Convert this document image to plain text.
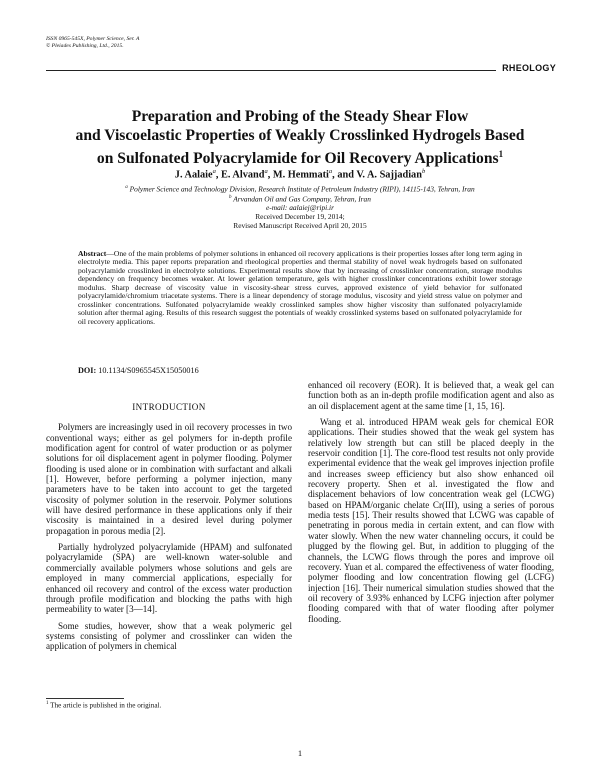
ISSN 0965-545X, Polymer Science, Ser. A
© Pleiades Publishing, Ltd., 2015.
RHEOLOGY
Preparation and Probing of the Steady Shear Flow
and Viscoelastic Properties of Weakly Crosslinked Hydrogels Based
on Sulfonated Polyacrylamide for Oil Recovery Applications$^1$
J. Aalaie$^a$, E. Alvand$^a$, M. Hemmati$^a$, and V. A. Sajjadian$^b$
$^a$ Polymer Science and Technology Division, Research Institute of Petroleum Industry (RIPI), 14115-143, Tehran, Iran
$^b$ Arvandan Oil and Gas Company, Tehran, Iran
e-mail: aalaiej@ripi.ir
Received December 19, 2014;
Revised Manuscript Received April 20, 2015
Abstract—One of the main problems of polymer solutions in enhanced oil recovery applications is their properties losses after long term aging in electrolyte media. This paper reports preparation and rheological properties and thermal stability of novel weak hydrogels based on sulfonated polyacrylamide crosslinked in electrolyte solutions. Experimental results show that by increasing of crosslinker concentration, storage modulus dependency on frequency becomes weaker. At lower gelation temperature, gels with higher crosslinker concentrations exhibit lower storage modulus. Sharp decrease of viscosity value in viscosity-shear stress curves, approved existence of yield behavior for sulfonated polyacrylamide/chromium triacetate systems. There is a linear dependency of storage modulus, viscosity and yield stress value on polymer and crosslinker concentrations. Sulfonated polyacrylamide weakly crosslinked samples show higher viscosity than sulfonated polyacrylamide solution after thermal aging. Results of this research suggest the potentials of weakly crosslinked systems based on sulfonated polyacrylamide for oil recovery applications.
DOI: 10.1134/S0965545X15050016

INTRODUCTION

Polymers are increasingly used in oil recovery processes in two conventional ways; either as gel polymers for in-depth profile modification agent for control of water production or as polymer solutions for oil displacement agent in polymer flooding. Polymer flooding is used alone or in combination with surfactant and alkali [1]. However, before performing a polymer injection, many parameters have to be taken into account to get the targeted viscosity of polymer solution in the reservoir. Polymer solutions will have desired performance in these applications only if their viscosity is maintained in a desired level during polymer propagation in porous media [2].

Partially hydrolyzed polyacrylamide (HPAM) and sulfonated polyacrylamide (SPA) are well-known water-soluble and commercially available polymers whose solutions and gels are employed in many commercial applications, especially for enhanced oil recovery and control of the excess water production through profile modification and blocking the paths with high permeability to water [3—14].

Some studies, however, show that a weak polymeric gel systems consisting of polymer and crosslinker can widen the application of polymers in chemical

enhanced oil recovery (EOR). It is believed that, a weak gel can function both as an in-depth profile modification agent and also as an oil displacement agent at the same time [1, 15, 16].

Wang et al. introduced HPAM weak gels for chemical EOR applications. Their studies showed that the weak gel system has relatively low strength but can still be placed deeply in the reservoir condition [1]. The core-flood test results not only provide experimental evidence that the weak gel improves injection profile and increases sweep efficiency but also show enhanced oil recovery property. Shen et al. investigated the flow and displacement behaviors of low concentration weak gel (LCWG) based on HPAM/organic chelate Cr(III), using a series of porous media tests [15]. Their results showed that LCWG was capable of penetrating in porous media in certain extent, and can flow with water slowly. When the new water channeling occurs, it could be plugged by the flowing gel. But, in addition to plugging of the channels, the LCWG flows through the pores and improve oil recovery. Yuan et al. compared the effectiveness of water flooding, polymer flooding and low concentration flowing gel (LCFG) injection [16]. Their numerical simulation studies showed that the oil recovery of 3.93% enhanced by LCFG injection after polymer flooding compared with that of water flooding after polymer flooding.

$^1$ The article is published in the original.
1
